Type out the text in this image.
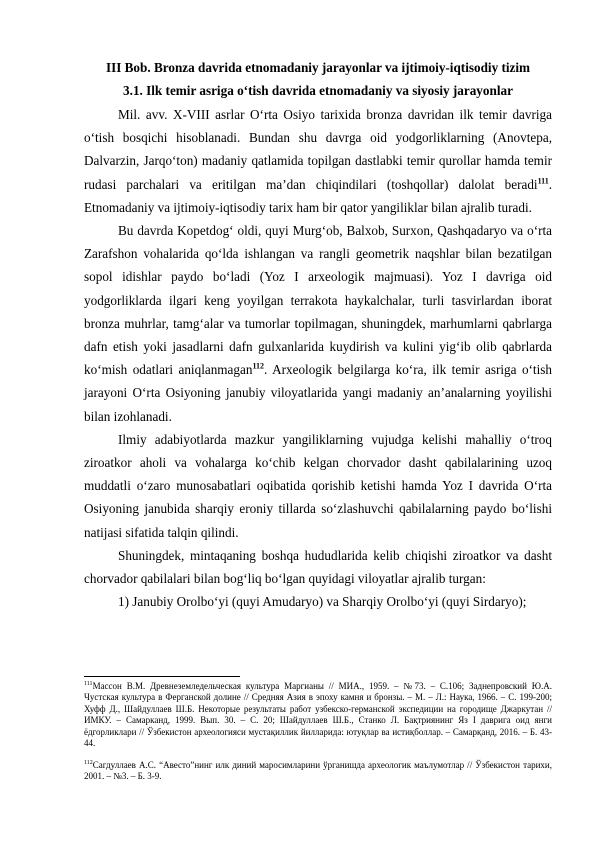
III Bob. Bronza davrida etnomadaniy jarayonlar va ijtimoiy-iqtisodiy tizim
3.1. Ilk temir asriga o‘tish davrida etnomadaniy va siyosiy jarayonlar

Mil. avv. X-VIII asrlar O‘rta Osiyo tarixida bronza davridan ilk temir davriga o‘tish bosqichi hisoblanadi. Bundan shu davrga oid yodgorliklarning (Anovtepa, Dalvarzin, Jarqo‘ton) madaniy qatlamida topilgan dastlabki temir qurollar hamda temir rudasi parchalari va eritilgan ma’dan chiqindilari (toshqollar) dalolat beradi$^{111}$. Etnomadaniy va ijtimoiy-iqtisodiy tarix ham bir qator yangiliklar bilan ajralib turadi.

Bu davrda Kopetdog‘ oldi, quyi Murg‘ob, Balxob, Surxon, Qashqadaryo va o‘rta Zarafshon vohalarida qo‘lda ishlangan va rangli geometrik naqshlar bilan bezatilgan sopol idishlar paydo bo‘ladi (Yoz I arxeologik majmuasi). Yoz I davriga oid yodgorliklarda ilgari keng yoyilgan terrakota haykalchalar, turli tasvirlardan iborat bronza muhrlar, tamg‘alar va tumorlar topilmagan, shuningdek, marhumlarni qabrlarga dafn etish yoki jasadlarni dafn gulxanlarida kuydirish va kulini yig‘ib olib qabrlarda ko‘mish odatlari aniqlanmagan$^{112}$. Arxeologik belgilarga ko‘ra, ilk temir asriga o‘tish jarayoni O‘rta Osiyoning janubiy viloyatlarida yangi madaniy an’analarning yoyilishi bilan izohlanadi.

Ilmiy adabiyotlarda mazkur yangiliklarning vujudga kelishi mahalliy o‘troq ziroatkor aholi va vohalarga ko‘chib kelgan chorvador dasht qabilalarining uzoq muddatli o‘zaro munosabatlari oqibatida qorishib ketishi hamda Yoz I davrida O‘rta Osiyoning janubida sharqiy eroniy tillarda so‘zlashuvchi qabilalarning paydo bo‘lishi natijasi sifatida talqin qilindi.

Shuningdek, mintaqaning boshqa hududlarida kelib chiqishi ziroatkor va dasht chorvador qabilalari bilan bog‘liq bo‘lgan quyidagi viloyatlar ajralib turgan:

1) Janubiy Orolbo‘yi (quyi Amudaryo) va Sharqiy Orolbo‘yi (quyi Sirdaryo);

$^{111}$Массон В.М. Древнеземледельческая культура Маргианы // МИА., 1959. – №73. – С.106; Заднепровский Ю.А. Чустская культура в Ферганской долине // Средняя Азия в эпоху камня и бронзы. – М. – Л.: Наука, 1966. – С. 199-200; Хуфф Д., Шайдуллаев Ш.Б. Некоторые результаты работ узбекско-германской экспедиции на городище Джаркутан // ИМКУ. – Самарканд, 1999. Вып. 30. – С. 20; Шайдуллаев Ш.Б., Станко Л. Бақтриянинг Яз I даврига оид янги ёдгорликлари // Ўзбекистон археологияси мустақиллик йилларида: ютуқлар ва истиқболлар. – Самарқанд, 2016. – Б. 43-44.

$^{112}$Сагдуллаев А.С. “Авесто”нинг илк диний маросимларини ўрганишда археологик маълумотлар // Ўзбекистон тарихи, 2001. – №3. – Б. 3-9.
